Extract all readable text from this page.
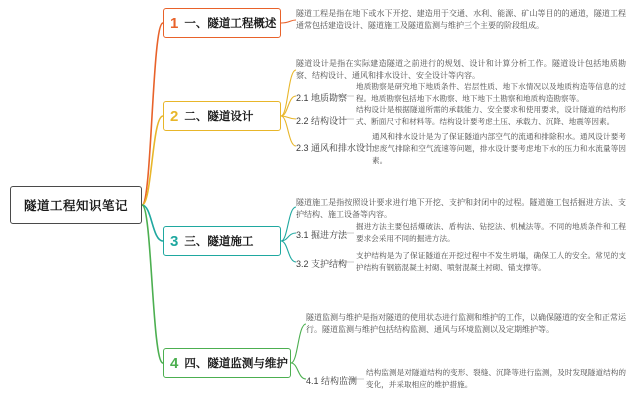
隧道工程知识笔记
1 一、隧道工程概述
隧道工程是指在地下或水下开挖、建造用于交通、水利、能源、矿山等目的的通道，隧道工程通常包括建造设计、隧道施工及隧道监测与维护三个主要的阶段组成。
2 二、隧道设计
隧道设计是指在实际建造隧道之前进行的规划、设计和计算分析工作。隧道设计包括地质勘察、结构设计、通风和排水设计、安全设计等内容。
2.1 地质勘察
地质勘察是研究地下地质条件、岩层性质、地下水情况以及地质构造等信息的过程。地质勘察包括地下水勘察、地下地下土勘察和地质构造勘察等。
2.2 结构设计
结构设计是根据隧道所需的承载能力、安全要求和使用要求，设计隧道的结构形式、断面尺寸和材料等。结构设计要考虑土压、承载力、沉降、地震等因素。
2.3 通风和排水设计
通风和排水设计是为了保证隧道内部空气的流通和排除积水。通风设计要考虑废气排除和空气流速等问题，排水设计要考虑地下水的压力和水流量等因素。
3 三、隧道施工
隧道施工是指按照设计要求进行地下开挖、支护和封闭中的过程。隧道施工包括掘进方法、支护结构、施工设备等内容。
3.1 掘进方法
掘进方法主要包括爆破法、盾构法、钻挖法、机械法等。不同的地质条件和工程要求会采用不同的掘进方法。
3.2 支护结构
支护结构是为了保证隧道在开挖过程中不发生坍塌，确保工人的安全。常见的支护结构有钢筋混凝土衬砌、喷射混凝土衬砌、锚支撑等。
4 四、隧道监测与维护
隧道监测与维护是指对隧道的使用状态进行监测和维护的工作，以确保隧道的安全和正常运行。隧道监测与维护包括结构监测、通风与环境监测以及定期维护等。
4.1 结构监测
结构监测是对隧道结构的变形、裂缝、沉降等进行监测，及时发现隧道结构的变化，并采取相应的维护措施。
